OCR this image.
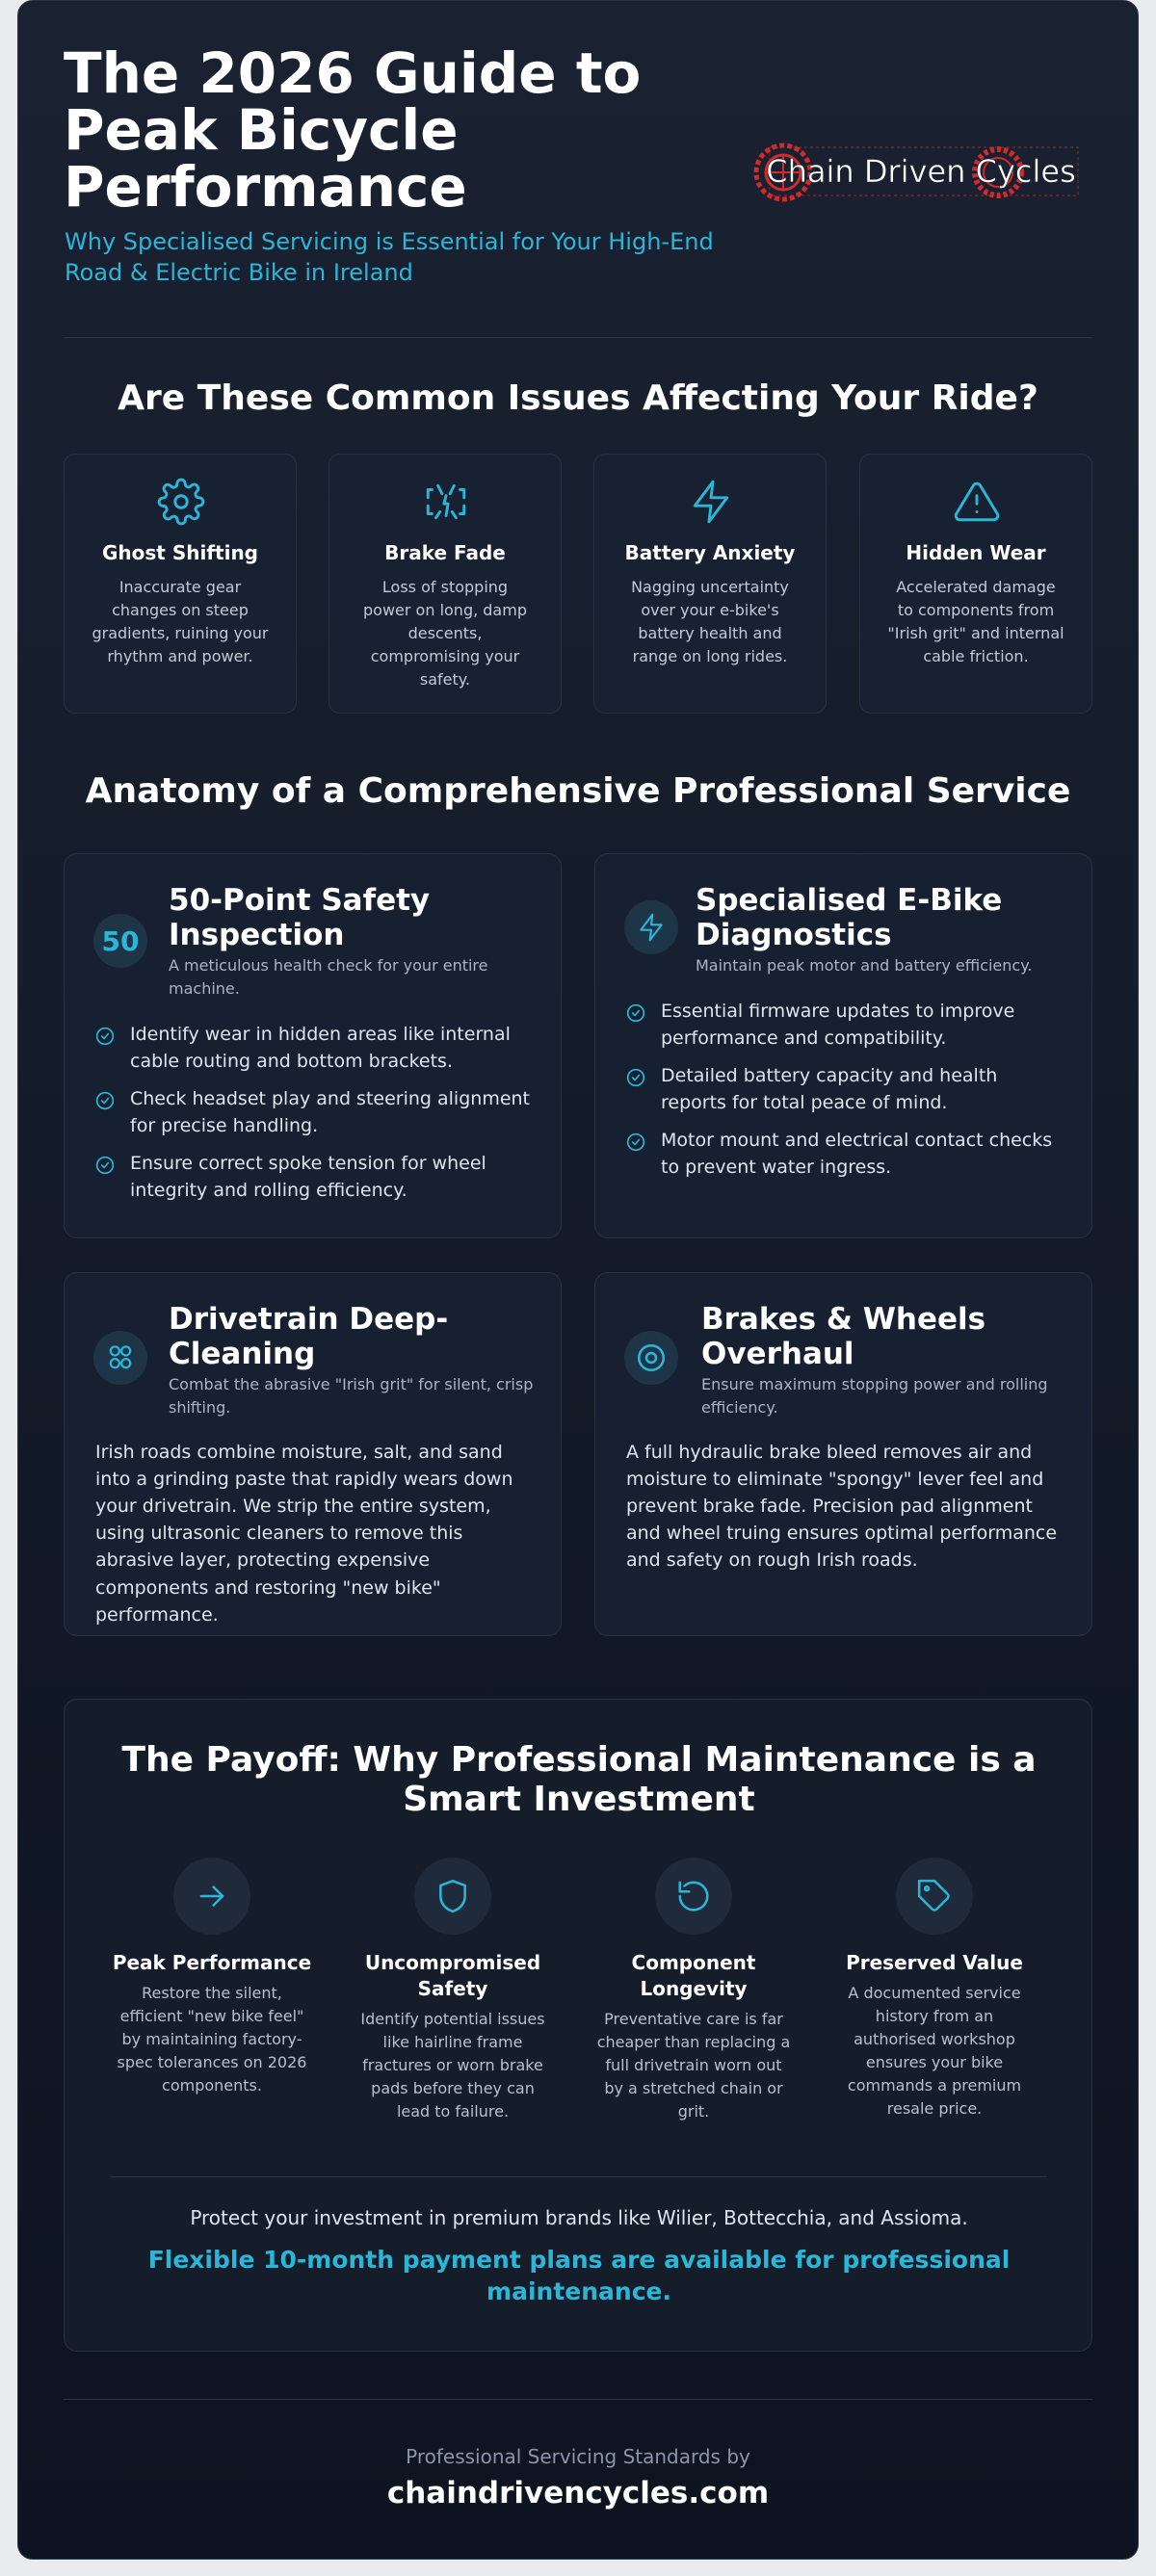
The 2026 Guide to Peak Bicycle Performance

Why Specialised Servicing is Essential for Your High-End Road & Electric Bike in Ireland

Chain Driven Cycles
Are These Common Issues Affecting Your Ride?
Ghost Shifting

Inaccurate gear changes on steep gradients, ruining your rhythm and power.

Brake Fade

Loss of stopping power on long, damp descents, compromising your safety.

Battery Anxiety

Nagging uncertainty over your e-bike's battery health and range on long rides.

Hidden Wear

Accelerated damage to components from "Irish grit" and internal cable friction.

Anatomy of a Comprehensive Professional Service
50
50-Point Safety Inspection
A meticulous health check for your entire machine.
Identify wear in hidden areas like internal cable routing and bottom brackets.
Check headset play and steering alignment for precise handling.
Ensure correct spoke tension for wheel integrity and rolling efficiency.
Specialised E-Bike Diagnostics
Maintain peak motor and battery efficiency.
Essential firmware updates to improve performance and compatibility.
Detailed battery capacity and health reports for total peace of mind.
Motor mount and electrical contact checks to prevent water ingress.
Drivetrain Deep-Cleaning
Combat the abrasive "Irish grit" for silent, crisp shifting.

Irish roads combine moisture, salt, and sand into a grinding paste that rapidly wears down your drivetrain. We strip the entire system, using ultrasonic cleaners to remove this abrasive layer, protecting expensive components and restoring "new bike" performance.

Brakes & Wheels Overhaul
Ensure maximum stopping power and rolling efficiency.

A full hydraulic brake bleed removes air and moisture to eliminate "spongy" lever feel and prevent brake fade. Precision pad alignment and wheel truing ensures optimal performance and safety on rough Irish roads.

The Payoff: Why Professional Maintenance is a Smart Investment
Peak Performance

Restore the silent, efficient "new bike feel" by maintaining factory-spec tolerances on 2026 components.

Uncompromised Safety

Identify potential issues like hairline frame fractures or worn brake pads before they can lead to failure.

Component Longevity

Preventative care is far cheaper than replacing a full drivetrain worn out by a stretched chain or grit.

Preserved Value

A documented service history from an authorised workshop ensures your bike commands a premium resale price.

Protect your investment in premium brands like Wilier, Bottecchia, and Assioma.

Flexible 10-month payment plans are available for professional maintenance.

Professional Servicing Standards by

chaindrivencycles.com
